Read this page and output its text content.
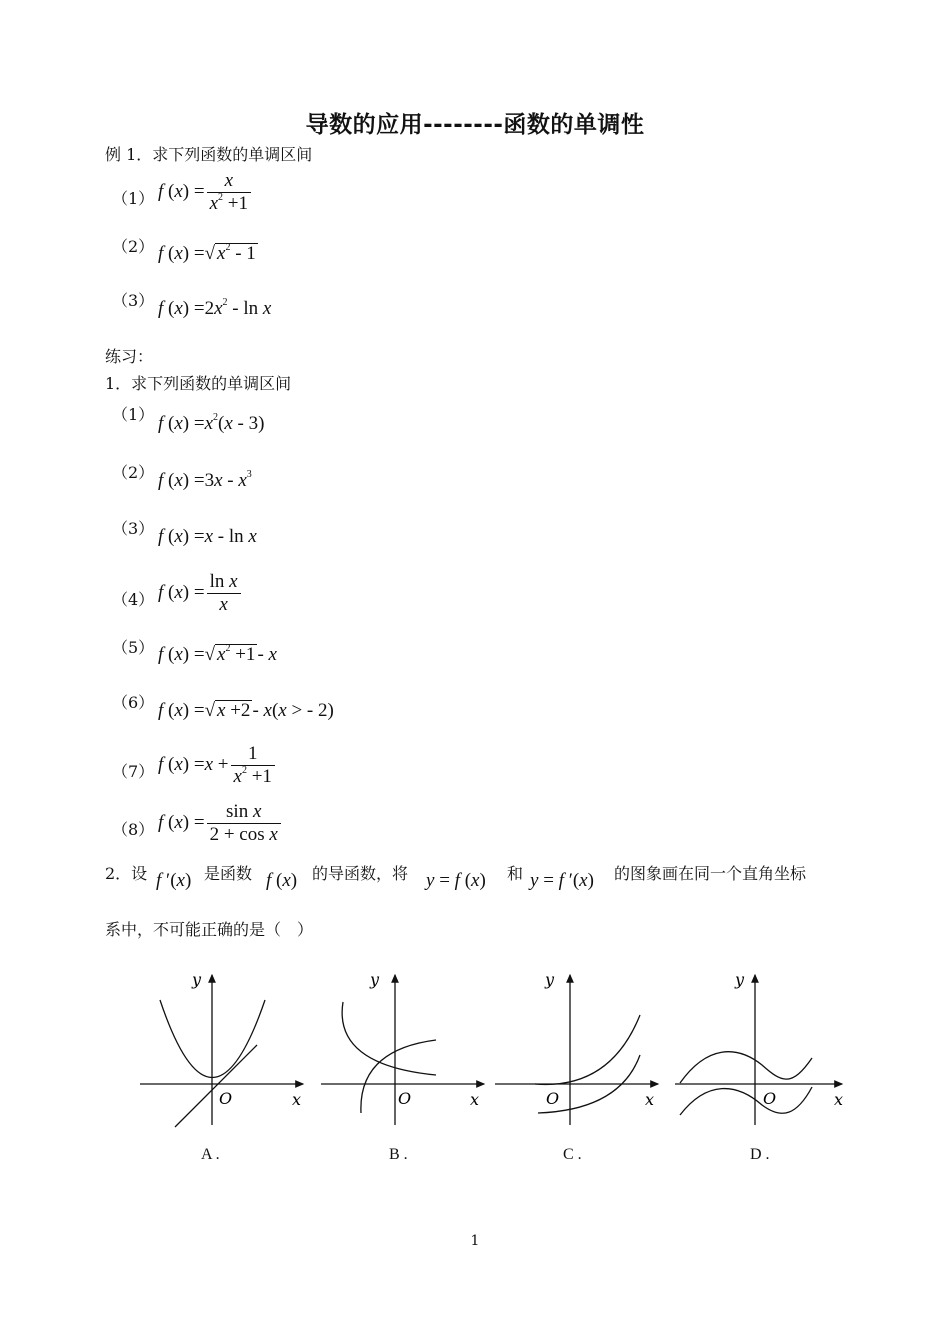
导数的应用--------函数的单调性
例 1．求下列函数的单调区间
（1） f $(x) = \frac{x}{x^2 +1}$
（2） f (x) =√ $x^2 - 1$
（3） f $(x) =2x^2 - \ln x$
练习：
1．求下列函数的单调区间
（1） f $(x) =x^2(x - 3)$
（2） f $(x) =3x - x^3$
（3） f (x) =x - ln x
（4） f $(x) = \frac{\text{ln x}}{x}$
（5） f (x) =√ $x^2 +1 - x$
（6） f (x) =√ x +2 - x(x > - 2)
（7） f $(x) =x + \frac{1}{x^2 +1}$
（8） f $(x) = \frac{\text{sin x}}{\text{2 + cos x}}$
2．设 f ′(x) 是函数 f (x) 的导函数，将 y = f (x) 和 y = f ′(x) 的图象画在同一个直角坐标
系中，不可能正确的是（　）
y
x
O
A .
y
x
O
B .
y
x
O
C .
y
x
O
D .
1
